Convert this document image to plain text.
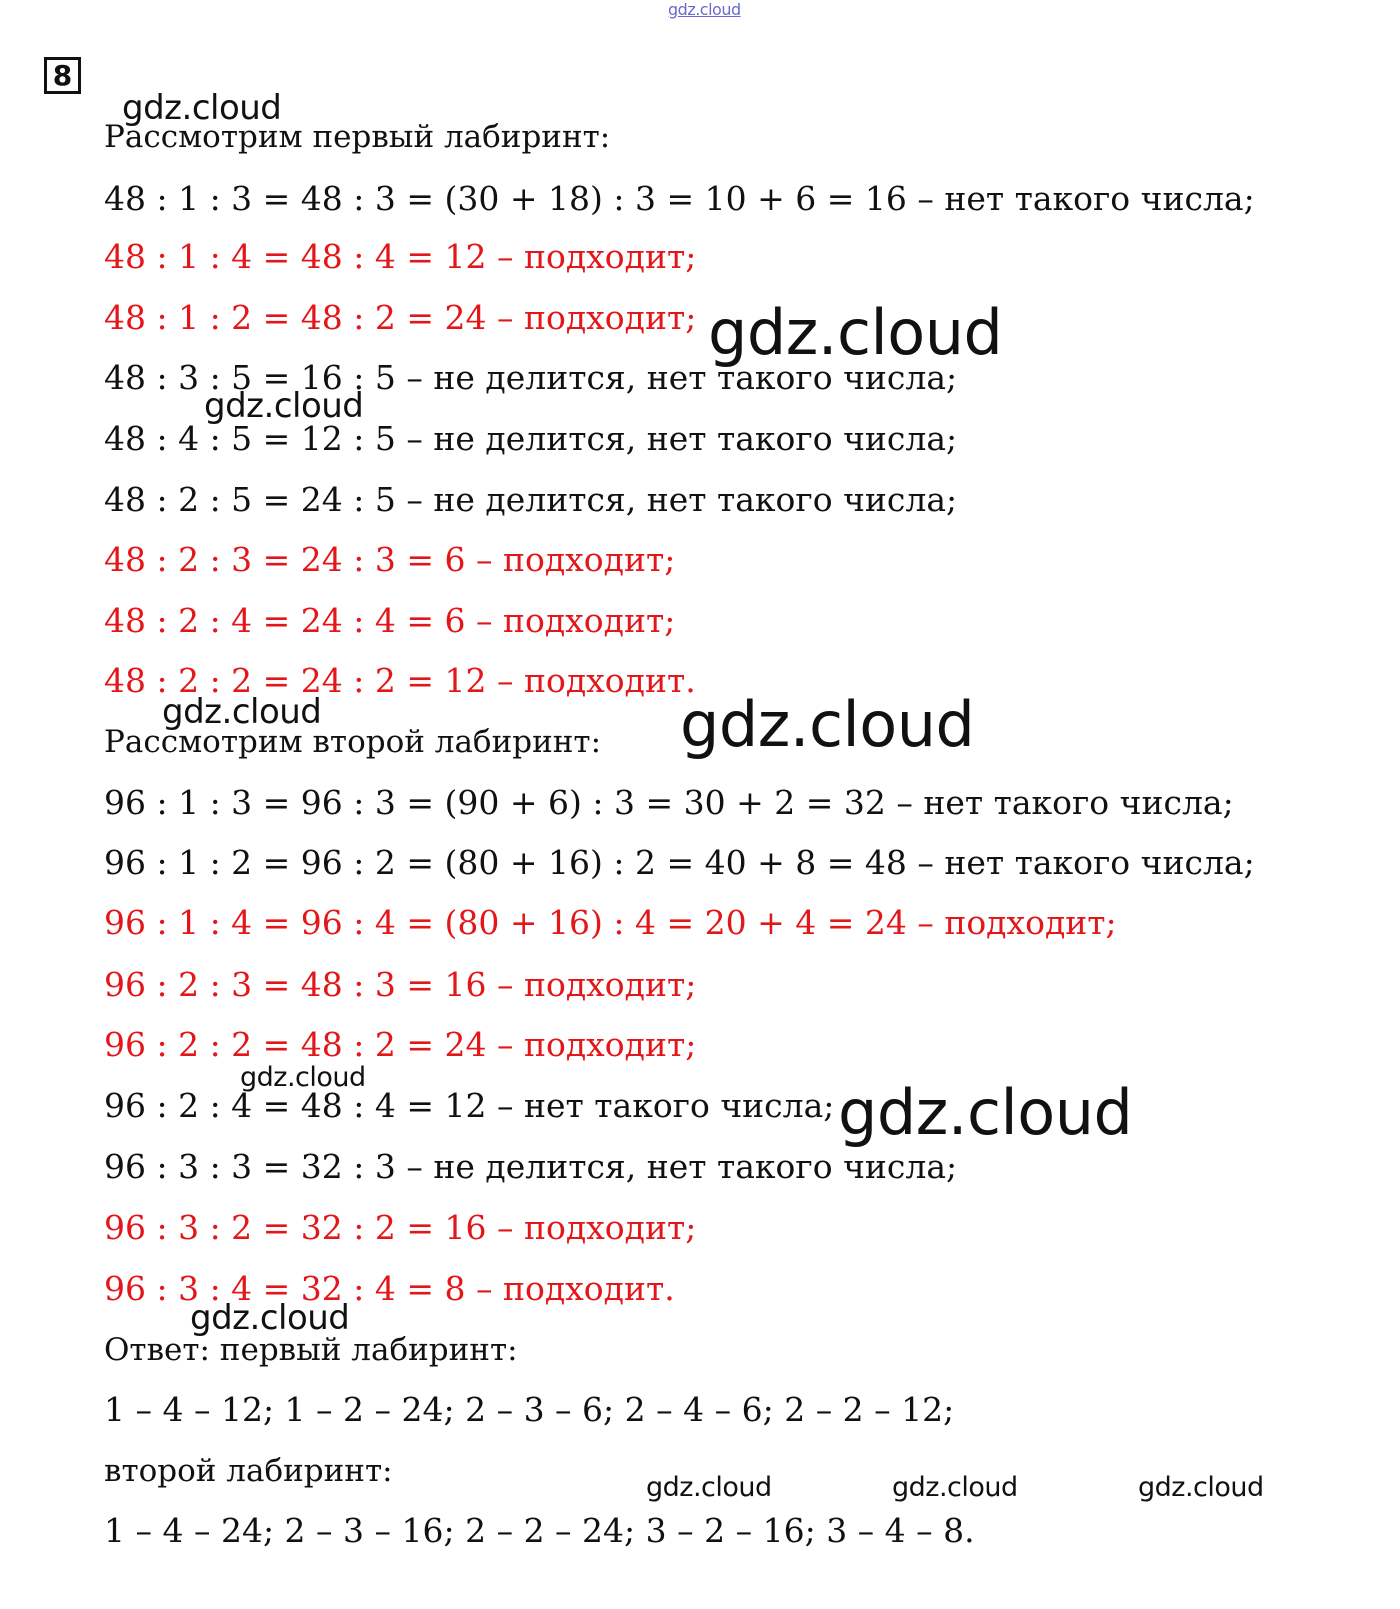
gdz.cloud
8
Рассмотрим первый лабиринт:
48 : 1 : 3 = 48 : 3 = (30 + 18) : 3 = 10 + 6 = 16 – нет такого числа;
48 : 1 : 4 = 48 : 4 = 12 – подходит;
48 : 1 : 2 = 48 : 2 = 24 – подходит;
48 : 3 : 5 = 16 : 5 – не делится, нет такого числа;
48 : 4 : 5 = 12 : 5 – не делится, нет такого числа;
48 : 2 : 5 = 24 : 5 – не делится, нет такого числа;
48 : 2 : 3 = 24 : 3 = 6 – подходит;
48 : 2 : 4 = 24 : 4 = 6 – подходит;
48 : 2 : 2 = 24 : 2 = 12 – подходит.
Рассмотрим второй лабиринт:
96 : 1 : 3 = 96 : 3 = (90 + 6) : 3 = 30 + 2 = 32 – нет такого числа;
96 : 1 : 2 = 96 : 2 = (80 + 16) : 2 = 40 + 8 = 48 – нет такого числа;
96 : 1 : 4 = 96 : 4 = (80 + 16) : 4 = 20 + 4 = 24 – подходит;
96 : 2 : 3 = 48 : 3 = 16 – подходит;
96 : 2 : 2 = 48 : 2 = 24 – подходит;
96 : 2 : 4 = 48 : 4 = 12 – нет такого числа;
96 : 3 : 3 = 32 : 3 – не делится, нет такого числа;
96 : 3 : 2 = 32 : 2 = 16 – подходит;
96 : 3 : 4 = 32 : 4 = 8 – подходит.
Ответ: первый лабиринт:
1 – 4 – 12; 1 – 2 – 24; 2 – 3 – 6; 2 – 4 – 6; 2 – 2 – 12;
второй лабиринт:
1 – 4 – 24; 2 – 3 – 16; 2 – 2 – 24; 3 – 2 – 16; 3 – 4 – 8.
gdz.cloud
gdz.cloud
gdz.cloud
gdz.cloud	gdz.cloud
gdz.cloud	gdz.cloud
gdz.cloud
gdz.cloud	gdz.cloud	gdz.cloud
